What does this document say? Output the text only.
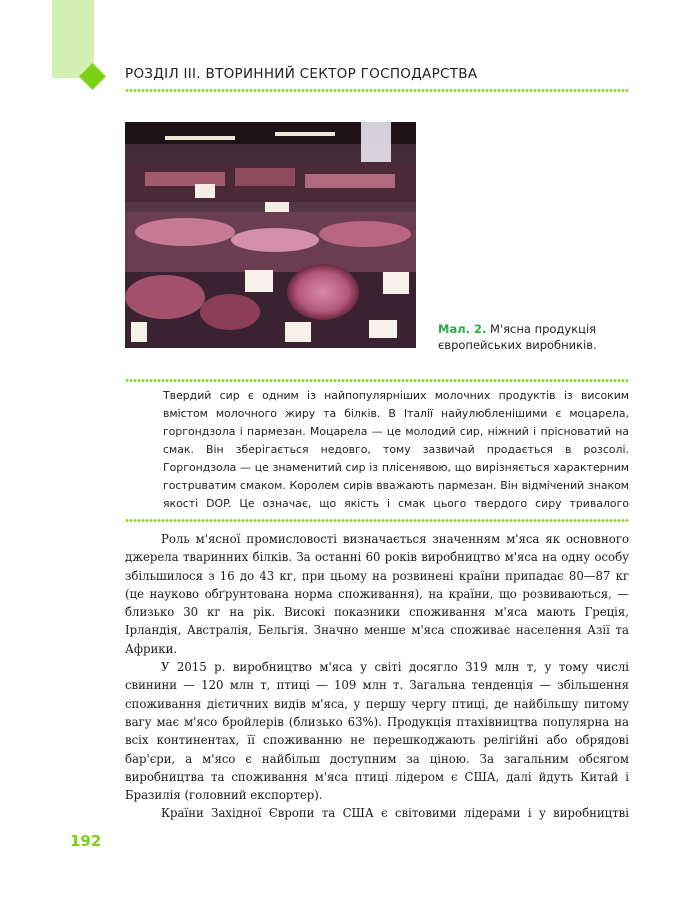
РОЗДІЛ ІІІ. ВТОРИННИЙ СЕКТОР ГОСПОДАРСТВА

Мал. 2. М'ясна продукція європейських виробників.

Твердий сир є одним із найпопулярніших молочних продуктів із високим вмістом молочного жиру та білків. В Італії найулюбленішими є моцарела, горгондзола і пармезан. Моцарела — це молодий сир, ніжний і прісноватий на смак. Він зберігається недовго, тому зазвичай продається в розсолі. Горгондзола — це знаменитий сир із плісенявою, що вирізняється характерним гострuватим смаком. Королем сирів вважають пармезан. Він відмічений знаком якості DOP. Це означає, що якість і смак цього твердого сиру тривалого

Роль м'ясної промисловості визначається значенням м'яса як основного джерела тваринних білків. За останні 60 років виробництво м'яса на одну особу збільшилося з 16 до 43 кг, при цьому на розвинені країни припадає 80—87 кг (це науково обґрунтована норма споживання), на країни, що розвиваються, — близько 30 кг на рік. Високі показники споживання м'яса мають Греція, Ірландія, Австралія, Бельгія. Значно менше м'яса споживає населення Азії та Африки.

У 2015 р. виробництво м'яса у світі досягло 319 млн т, у тому числі свинини — 120 млн т, птиці — 109 млн т. Загальна тенденція — збільшення споживання дієтичних видів м'яса, у першу чергу птиці, де найбільшу питому вагу має м'ясо бройлерів (близько 63%). Продукція птахівництва популярна на всіх континентах, її споживанню не перешкоджають релігійні або обрядові бар'єри, а м'ясо є найбільш доступним за ціною. За загальним обсягом виробництва та споживання м'яса птиці лідером є США, далі йдуть Китай і Бразилія (головний експортер).

Країни Західної Європи та США є світовими лідерами і у виробництві

192
